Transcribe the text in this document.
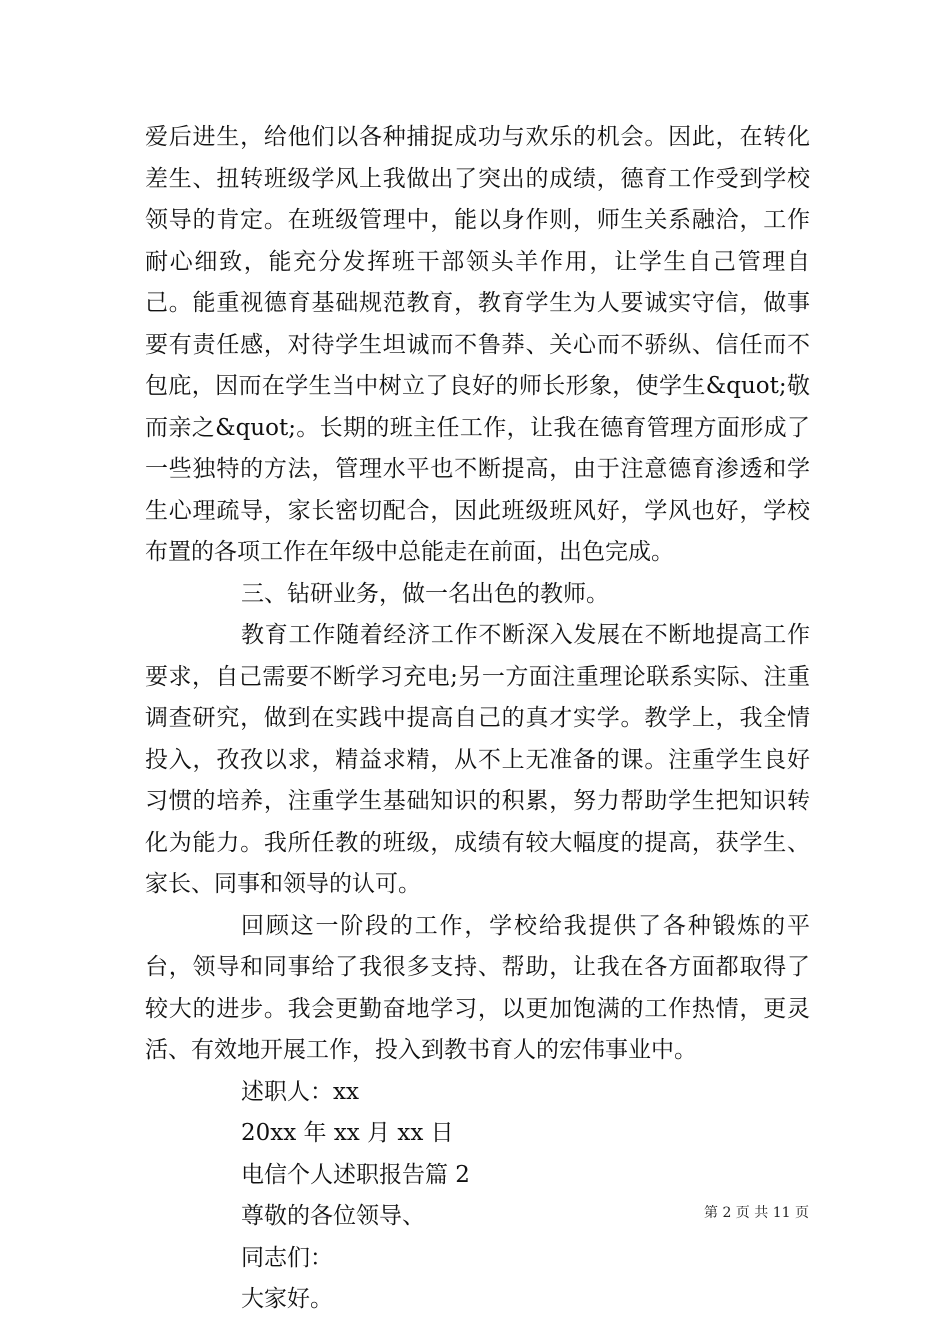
爱后进生，给他们以各种捕捉成功与欢乐的机会。因此，在转化差生、扭转班级学风上我做出了突出的成绩，德育工作受到学校领导的肯定。在班级管理中，能以身作则，师生关系融洽，工作耐心细致，能充分发挥班干部领头羊作用，让学生自己管理自己。能重视德育基础规范教育，教育学生为人要诚实守信，做事要有责任感，对待学生坦诚而不鲁莽、关心而不骄纵、信任而不包庇，因而在学生当中树立了良好的师长形象，使学生&quot;敬而亲之&quot;。长期的班主任工作，让我在德育管理方面形成了一些独特的方法，管理水平也不断提高，由于注意德育渗透和学生心理疏导，家长密切配合，因此班级班风好，学风也好，学校布置的各项工作在年级中总能走在前面，出色完成。

三、钻研业务，做一名出色的教师。

教育工作随着经济工作不断深入发展在不断地提高工作要求，自己需要不断学习充电;另一方面注重理论联系实际、注重调查研究，做到在实践中提高自己的真才实学。教学上，我全情投入，孜孜以求，精益求精，从不上无准备的课。注重学生良好习惯的培养，注重学生基础知识的积累，努力帮助学生把知识转化为能力。我所任教的班级，成绩有较大幅度的提高，获学生、家长、同事和领导的认可。

回顾这一阶段的工作，学校给我提供了各种锻炼的平台，领导和同事给了我很多支持、帮助，让我在各方面都取得了较大的进步。我会更勤奋地学习，以更加饱满的工作热情，更灵活、有效地开展工作，投入到教书育人的宏伟事业中。

述职人：xx

20xx 年 xx 月 xx 日

电信个人述职报告篇 2

尊敬的各位领导、

同志们：

大家好。

第 2 页 共 11 页
